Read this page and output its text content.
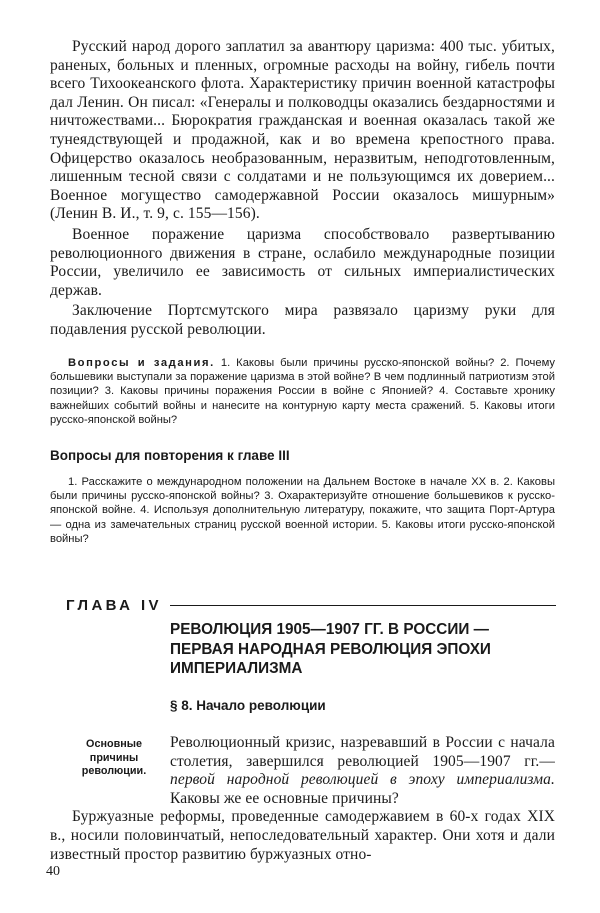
Русский народ дорого заплатил за авантюру царизма: 400 тыс. убитых, раненых, больных и пленных, огромные расходы на войну, гибель почти всего Тихоокеанского флота. Характеристику причин военной катастрофы дал Ленин. Он писал: «Генералы и полководцы оказались бездарностями и ничтожествами... Бюрократия гражданская и военная оказалась такой же тунеядствующей и продажной, как и во времена крепостного права. Офицерство оказалось необразованным, неразвитым, неподготовленным, лишенным тесной связи с солдатами и не пользующимся их доверием... Военное могущество самодержавной России оказалось мишурным» (Ленин В. И., т. 9, с. 155—156).

Военное поражение царизма способствовало развертыванию революционного движения в стране, ослабило международные позиции России, увеличило ее зависимость от сильных империалистических держав.

Заключение Портсмутского мира развязало царизму руки для подавления русской революции.

Вопросы и задания. 1. Каковы были причины русско-японской войны? 2. Почему большевики выступали за поражение царизма в этой войне? В чем подлинный патриотизм этой позиции? 3. Каковы причины поражения России в войне с Японией? 4. Составьте хронику важнейших событий войны и нанесите на контурную карту места сражений. 5. Каковы итоги русско-японской войны?

Вопросы для повторения к главе III

1. Расскажите о международном положении на Дальнем Востоке в начале XX в. 2. Каковы были причины русско-японской войны? 3. Охарактеризуйте отношение большевиков к русско-японской войне. 4. Используя дополнительную литературу, покажите, что защита Порт-Артура — одна из замечательных страниц русской военной истории. 5. Каковы итоги русско-японской войны?

ГЛАВА IV
РЕВОЛЮЦИЯ 1905—1907 ГГ. В РОССИИ — ПЕРВАЯ НАРОДНАЯ РЕВОЛЮЦИЯ ЭПОХИ ИМПЕРИАЛИЗМА
§ 8. Начало революции
Основные причины революции.

Революционный кризис, назревавший в России с начала столетия, завершился революцией 1905—1907 гг.— первой народной революцией в эпоху империализма. Каковы же ее основные причины?

Буржуазные реформы, проведенные самодержавием в 60-х годах XIX в., носили половинчатый, непоследовательный характер. Они хотя и дали известный простор развитию буржуазных отно-

40
